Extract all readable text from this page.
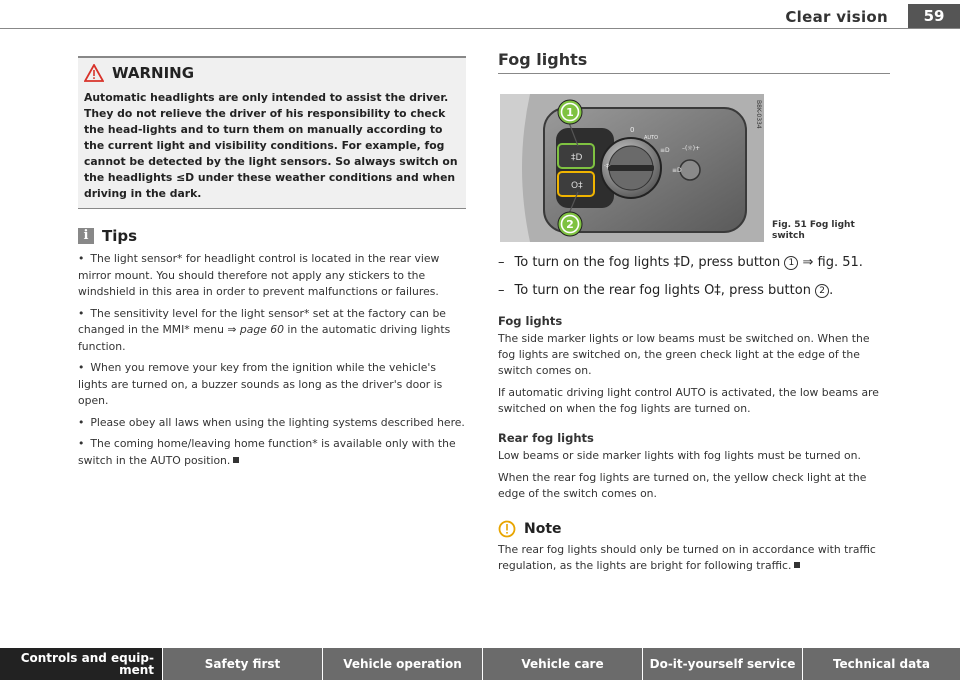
Clear vision	59
WARNING

Automatic headlights are only intended to assist the driver. They do not relieve the driver of his responsibility to check the head-lights and to turn them on manually according to the current light and visibility conditions. For example, fog cannot be detected by the light sensors. So always switch on the headlights ≤D under these weather conditions and when driving in the dark.

i Tips

• The light sensor* for headlight control is located in the rear view mirror mount. You should therefore not apply any stickers to the windshield in this area in order to prevent malfunctions or failures.

• The sensitivity level for the light sensor* set at the factory can be changed in the MMI* menu ⇒ page 60 in the automatic driving lights function.

• When you remove your key from the ignition while the vehicle's lights are turned on, a buzzer sounds as long as the driver's door is open.

• Please obey all laws when using the lighting systems described here.

• The coming home/leaving home function* is available only with the switch in the AUTO position.

Fog lights
‡D
O‡
0
AUTO
≡D
≡D
·‡·
–(☼)+
1
2
B8K-0334
Fig. 51 Fog light
switch

– To turn on the fog lights ‡D, press button 1 ⇒ fig. 51.

– To turn on the rear fog lights O‡, press button 2 .

Fog lights

The side marker lights or low beams must be switched on. When the fog lights are switched on, the green check light at the edge of the switch comes on.

If automatic driving light control AUTO is activated, the low beams are switched on when the fog lights are turned on.

Rear fog lights

Low beams or side marker lights with fog lights must be turned on.

When the rear fog lights are turned on, the yellow check light at the edge of the switch comes on.

Note

The rear fog lights should only be turned on in accordance with traffic regulation, as the lights are bright for following traffic.

Controls and equip-ment	Safety first	Vehicle operation	Vehicle care	Do-it-yourself service	Technical data
